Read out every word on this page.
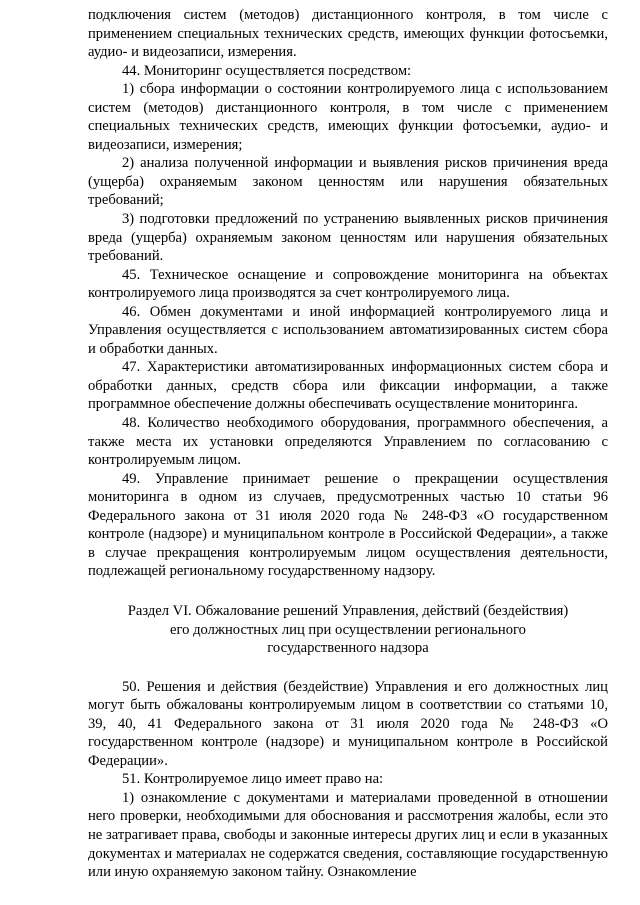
подключения систем (методов) дистанционного контроля, в том числе с применением специальных технических средств, имеющих функции фотосъемки, аудио- и видеозаписи, измерения.

44. Мониторинг осуществляется посредством:

1) сбора информации о состоянии контролируемого лица с использованием систем (методов) дистанционного контроля, в том числе с применением специальных технических средств, имеющих функции фотосъемки, аудио- и видеозаписи, измерения;

2) анализа полученной информации и выявления рисков причинения вреда (ущерба) охраняемым законом ценностям или нарушения обязательных требований;

3) подготовки предложений по устранению выявленных рисков причинения вреда (ущерба) охраняемым законом ценностям или нарушения обязательных требований.

45. Техническое оснащение и сопровождение мониторинга на объектах контролируемого лица производятся за счет контролируемого лица.

46. Обмен документами и иной информацией контролируемого лица и Управления осуществляется с использованием автоматизированных систем сбора и обработки данных.

47. Характеристики автоматизированных информационных систем сбора и обработки данных, средств сбора или фиксации информации, а также программное обеспечение должны обеспечивать осуществление мониторинга.

48. Количество необходимого оборудования, программного обеспечения, а также места их установки определяются Управлением по согласованию с контролируемым лицом.

49. Управление принимает решение о прекращении осуществления мониторинга в одном из случаев, предусмотренных частью 10 статьи 96 Федерального закона от 31 июля 2020 года № 248-ФЗ «О государственном контроле (надзоре) и муниципальном контроле в Российской Федерации», а также в случае прекращения контролируемым лицом осуществления деятельности, подлежащей региональному государственному надзору.

Раздел VI. Обжалование решений Управления, действий (бездействия)
его должностных лиц при осуществлении регионального
государственного надзора

50. Решения и действия (бездействие) Управления и его должностных лиц могут быть обжалованы контролируемым лицом в соответствии со статьями 10, 39, 40, 41 Федерального закона от 31 июля 2020 года № 248-ФЗ «О государственном контроле (надзоре) и муниципальном контроле в Российской Федерации».

51. Контролируемое лицо имеет право на:

1) ознакомление с документами и материалами проведенной в отношении него проверки, необходимыми для обоснования и рассмотрения жалобы, если это не затрагивает права, свободы и законные интересы других лиц и если в указанных документах и материалах не содержатся сведения, составляющие государственную или иную охраняемую законом тайну. Ознакомление
